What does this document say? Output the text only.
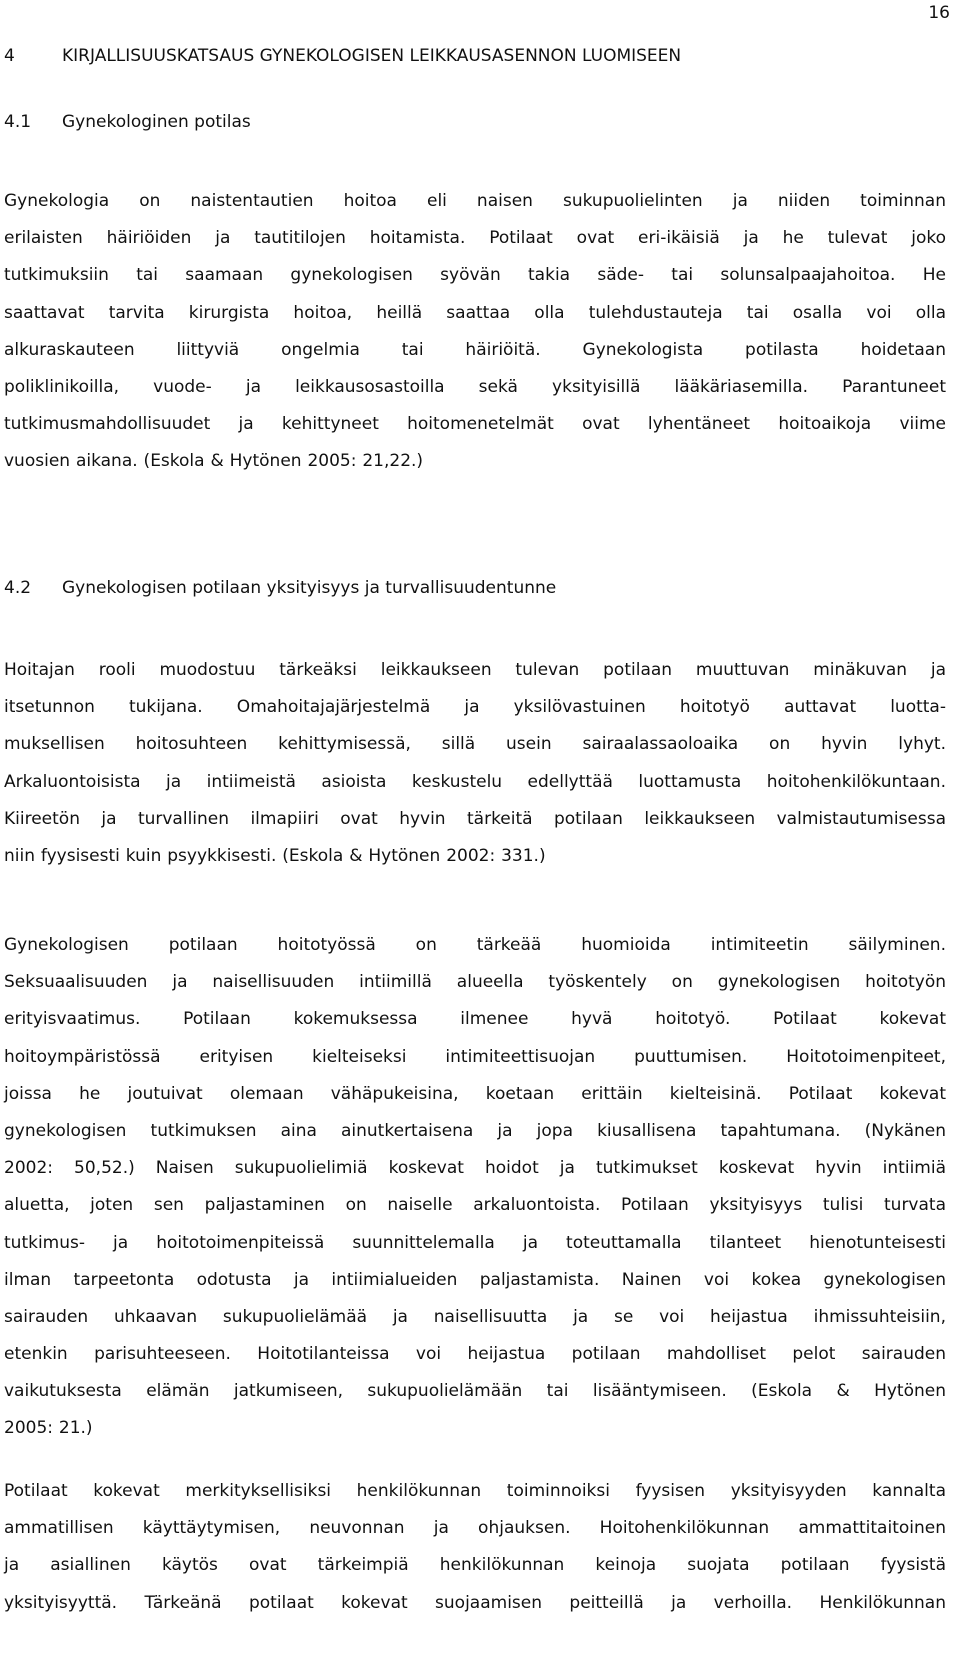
16
4	KIRJALLISUUSKATSAUS GYNEKOLOGISEN LEIKKAUSASENNON LUOMISEEN
4.1 Gynekologinen potilas
Gynekologia on naistentautien hoitoa eli naisen sukupuolielinten ja niiden toiminnan
erilaisten häiriöiden ja tautitilojen hoitamista. Potilaat ovat eri-ikäisiä ja he tulevat joko
tutkimuksiin tai saamaan gynekologisen syövän takia säde- tai solunsalpaajahoitoa. He
saattavat tarvita kirurgista hoitoa, heillä saattaa olla tulehdustauteja tai osalla voi olla
alkuraskauteen liittyviä ongelmia tai häiriöitä. Gynekologista potilasta hoidetaan
poliklinikoilla, vuode- ja leikkausosastoilla sekä yksityisillä lääkäriasemilla. Parantuneet
tutkimusmahdollisuudet ja kehittyneet hoitomenetelmät ovat lyhentäneet hoitoaikoja viime
vuosien aikana. (Eskola & Hytönen 2005: 21,22.)
4.2 Gynekologisen potilaan yksityisyys ja turvallisuudentunne
Hoitajan rooli muodostuu tärkeäksi leikkaukseen tulevan potilaan muuttuvan minäkuvan ja
itsetunnon tukijana. Omahoitajajärjestelmä ja yksilövastuinen hoitotyö auttavat luotta-
muksellisen hoitosuhteen kehittymisessä, sillä usein sairaalassaoloaika on hyvin lyhyt.
Arkaluontoisista ja intiimeistä asioista keskustelu edellyttää luottamusta hoitohenkilökuntaan.
Kiireetön ja turvallinen ilmapiiri ovat hyvin tärkeitä potilaan leikkaukseen valmistautumisessa
niin fyysisesti kuin psyykkisesti. (Eskola & Hytönen 2002: 331.)
Gynekologisen potilaan hoitotyössä on tärkeää huomioida intimiteetin säilyminen.
Seksuaalisuuden ja naisellisuuden intiimillä alueella työskentely on gynekologisen hoitotyön
erityisvaatimus. Potilaan kokemuksessa ilmenee hyvä hoitotyö. Potilaat kokevat
hoitoympäristössä erityisen kielteiseksi intimiteettisuojan puuttumisen. Hoitotoimenpiteet,
joissa he joutuivat olemaan vähäpukeisina, koetaan erittäin kielteisinä. Potilaat kokevat
gynekologisen tutkimuksen aina ainutkertaisena ja jopa kiusallisena tapahtumana. (Nykänen
2002: 50,52.) Naisen sukupuolielimiä koskevat hoidot ja tutkimukset koskevat hyvin intiimiä
aluetta, joten sen paljastaminen on naiselle arkaluontoista. Potilaan yksityisyys tulisi turvata
tutkimus- ja hoitotoimenpiteissä suunnittelemalla ja toteuttamalla tilanteet hienotunteisesti
ilman tarpeetonta odotusta ja intiimialueiden paljastamista. Nainen voi kokea gynekologisen
sairauden uhkaavan sukupuolielämää ja naisellisuutta ja se voi heijastua ihmissuhteisiin,
etenkin parisuhteeseen. Hoitotilanteissa voi heijastua potilaan mahdolliset pelot sairauden
vaikutuksesta elämän jatkumiseen, sukupuolielämään tai lisääntymiseen. (Eskola & Hytönen
2005: 21.)
Potilaat kokevat merkityksellisiksi henkilökunnan toiminnoiksi fyysisen yksityisyyden kannalta
ammatillisen käyttäytymisen, neuvonnan ja ohjauksen. Hoitohenkilökunnan ammattitaitoinen
ja asiallinen käytös ovat tärkeimpiä henkilökunnan keinoja suojata potilaan fyysistä
yksityisyyttä. Tärkeänä potilaat kokevat suojaamisen peitteillä ja verhoilla. Henkilökunnan
